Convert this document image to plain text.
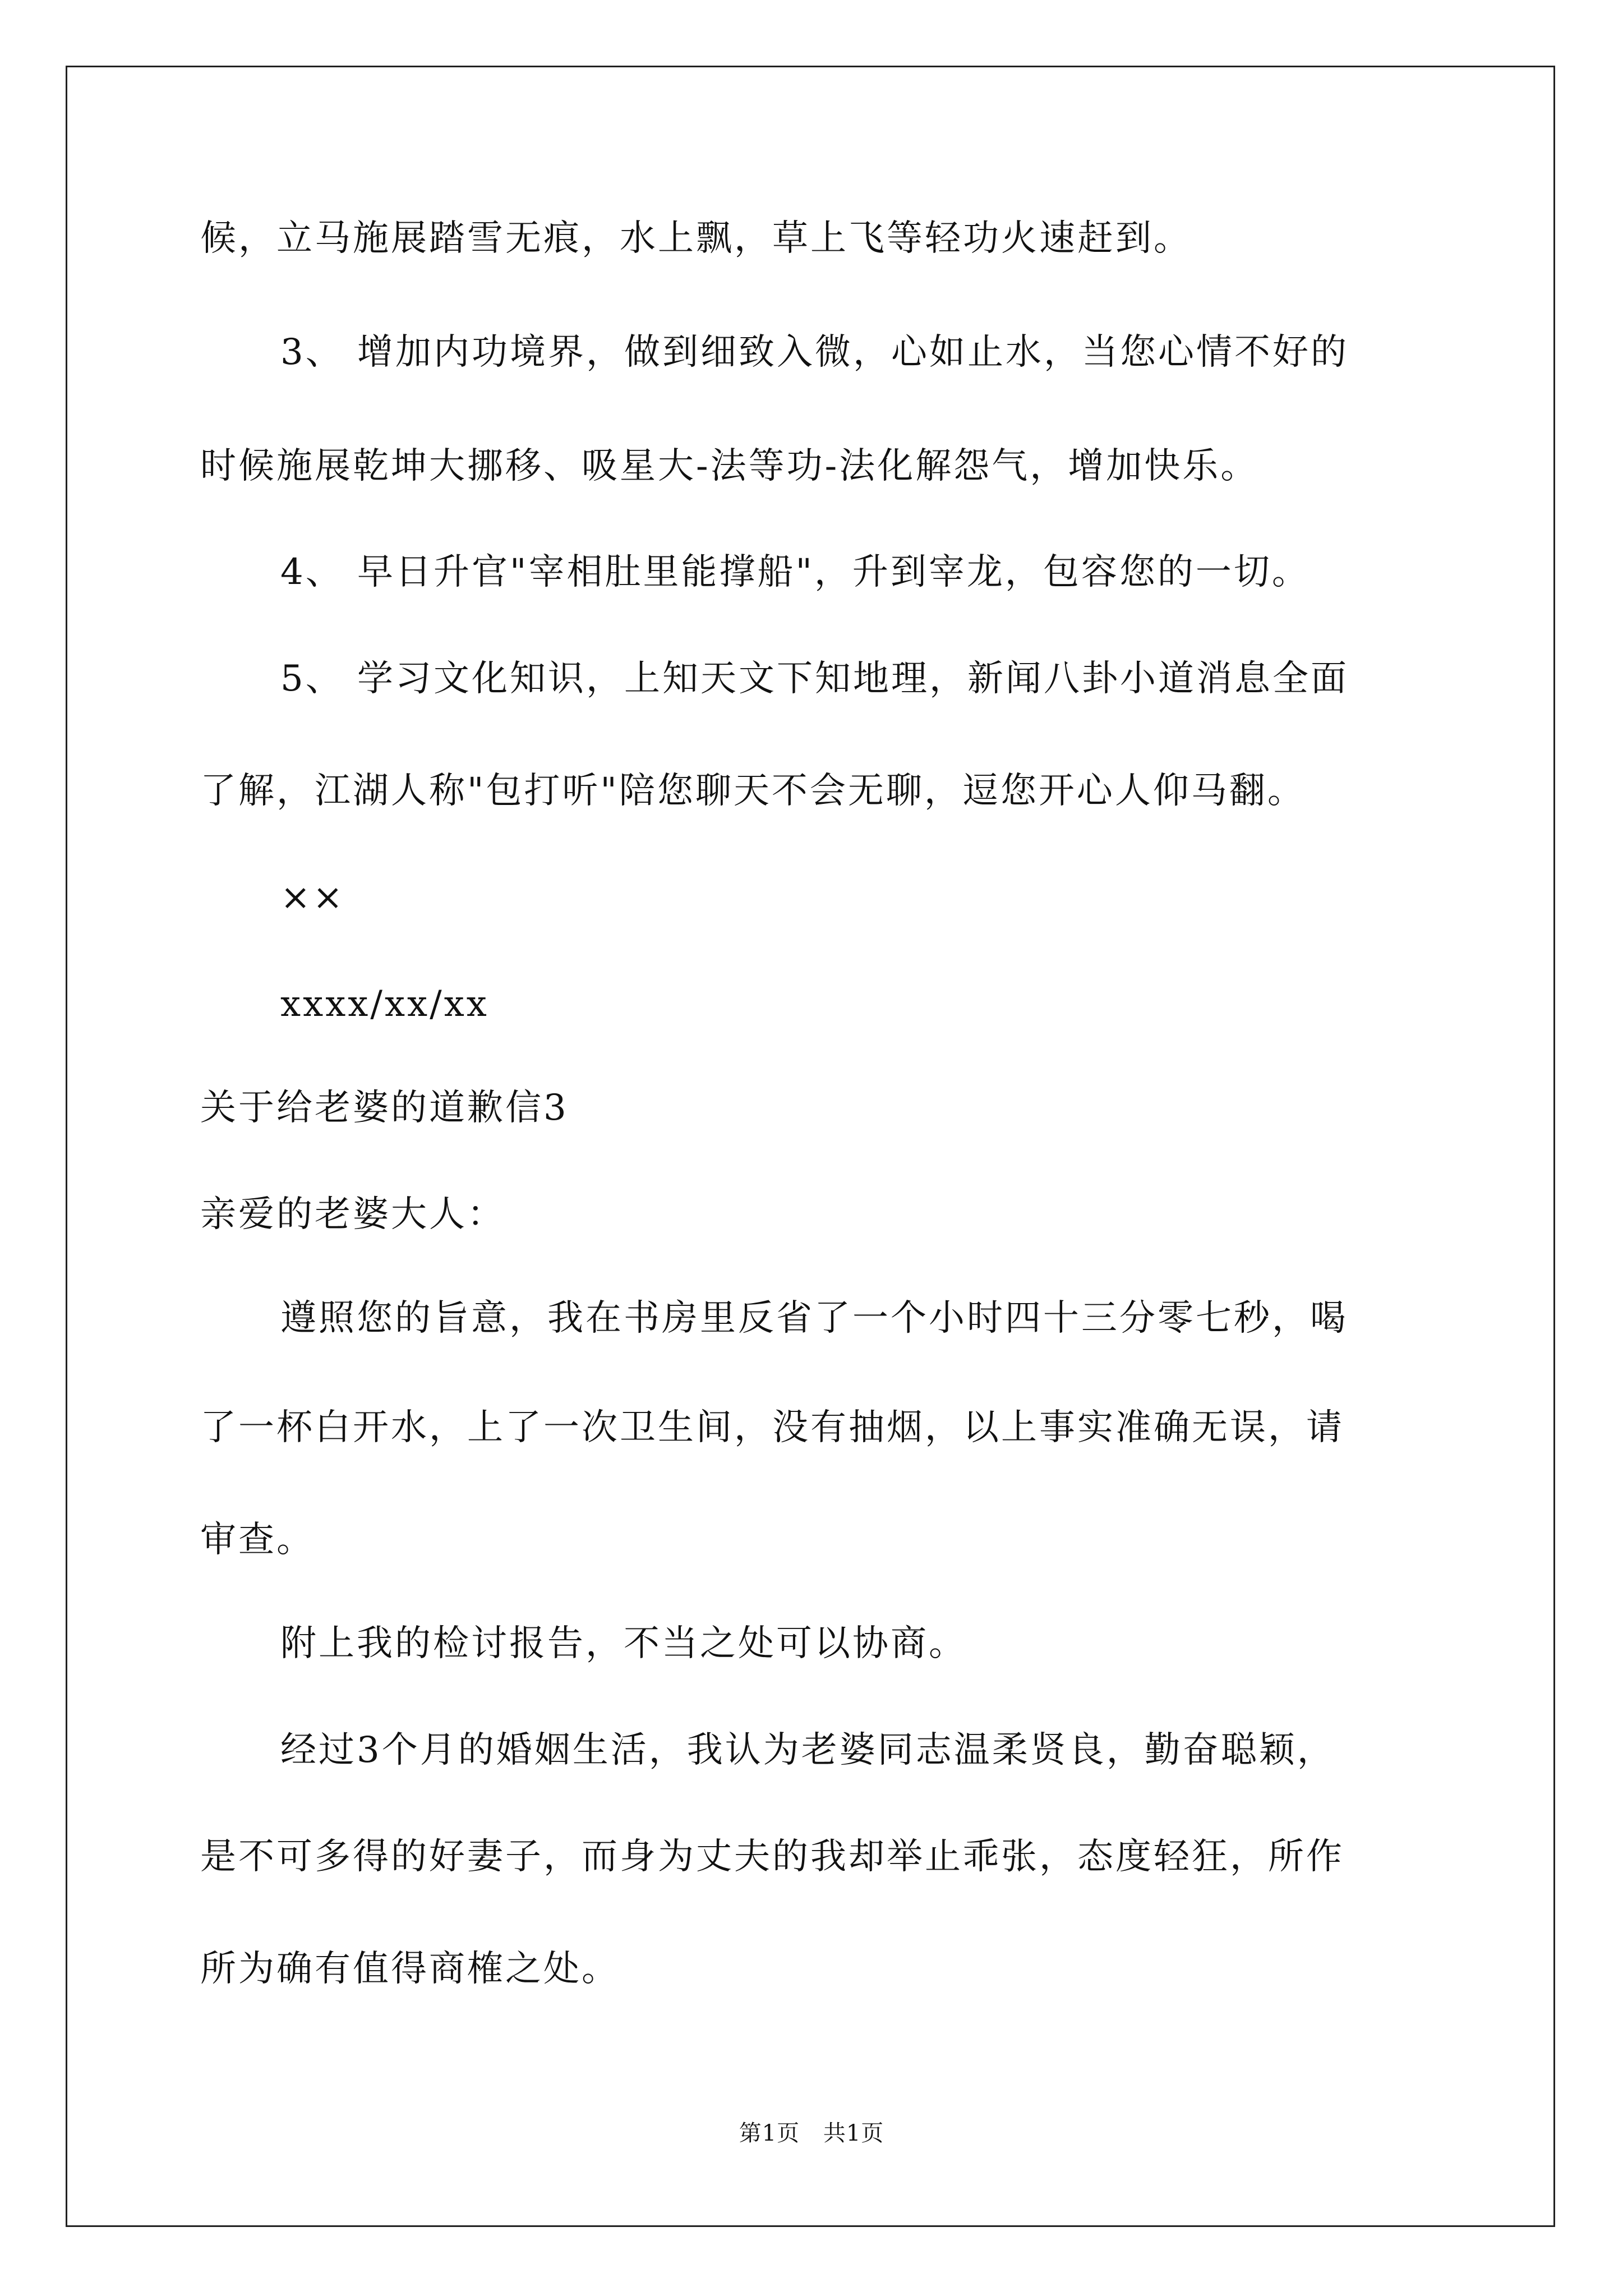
候，立马施展踏雪无痕，水上飘，草上飞等轻功火速赶到。
3、 增加内功境界，做到细致入微，心如止水，当您心情不好的
时候施展乾坤大挪移、吸星大-法等功-法化解怨气，增加快乐。
4、 早日升官"宰相肚里能撑船"，升到宰龙，包容您的一切。
5、 学习文化知识，上知天文下知地理，新闻八卦小道消息全面
了解，江湖人称"包打听"陪您聊天不会无聊，逗您开心人仰马翻。
××
xxxx/xx/xx
关于给老婆的道歉信3
亲爱的老婆大人：
遵照您的旨意，我在书房里反省了一个小时四十三分零七秒，喝
了一杯白开水，上了一次卫生间，没有抽烟，以上事实准确无误，请
审查。
附上我的检讨报告，不当之处可以协商。
经过3个月的婚姻生活，我认为老婆同志温柔贤良，勤奋聪颖，
是不可多得的好妻子，而身为丈夫的我却举止乖张，态度轻狂，所作
所为确有值得商榷之处。
第1页 共1页
